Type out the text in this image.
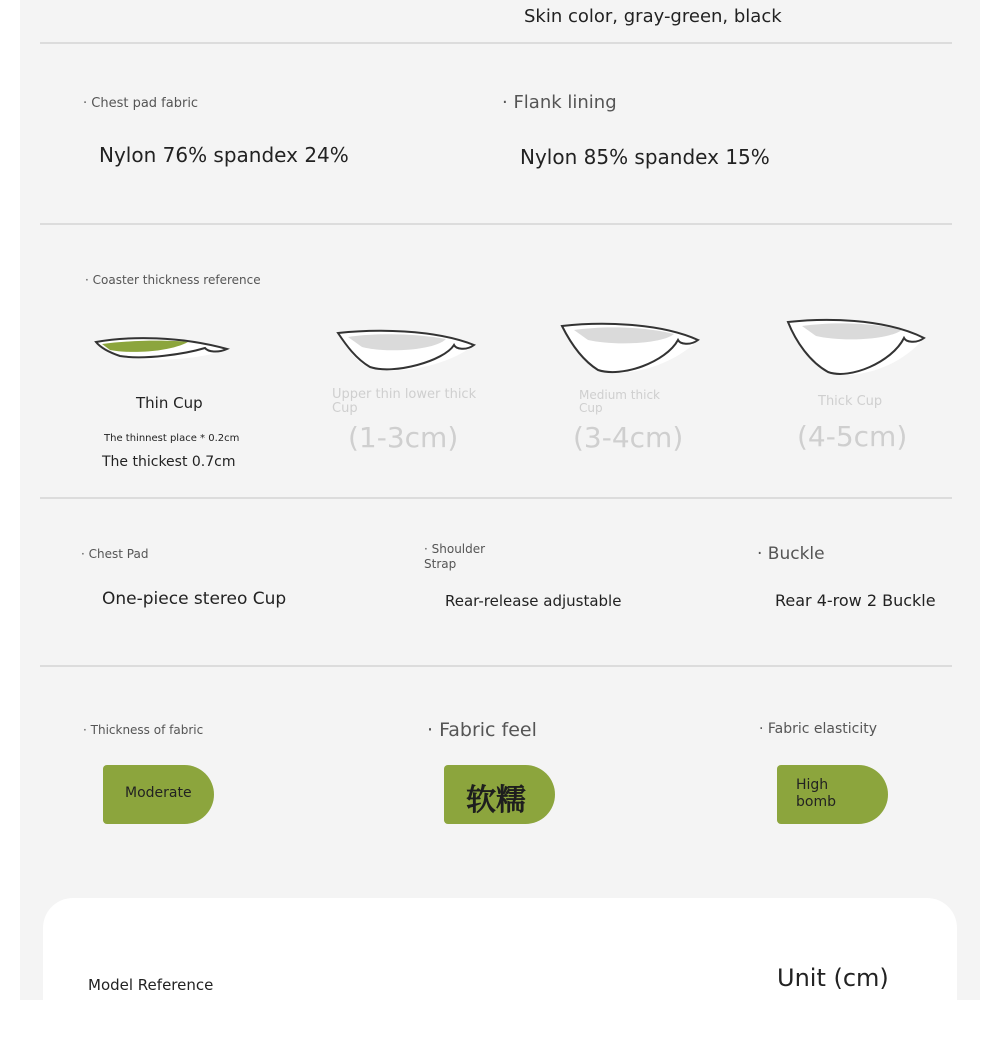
Skin color, gray-green, black
· Chest pad fabric
Nylon 76% spandex 24%
· Flank lining
Nylon 85% spandex 15%
· Coaster thickness reference
Thin Cup
The thinnest place * 0.2cm
The thickest 0.7cm
Upper thin lower thick Cup
(1-3cm)
Medium thick Cup
(3-4cm)
Thick Cup
(4-5cm)
· Chest Pad
One-piece stereo Cup
· Shoulder Strap
Rear-release adjustable
· Buckle
Rear 4-row 2 Buckle
· Thickness of fabric
Moderate
· Fabric feel
软糯
· Fabric elasticity
High bomb
Model Reference	Unit (cm)
